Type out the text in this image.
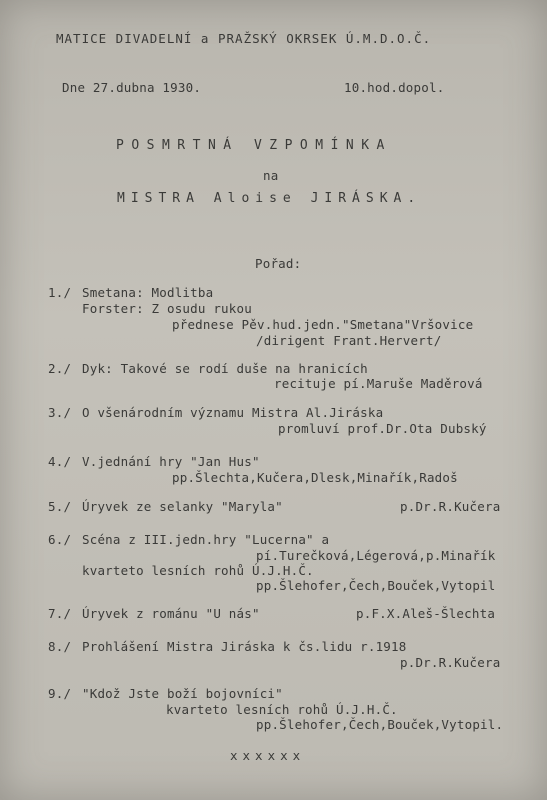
MATICE DIVADELNÍ a PRAŽSKÝ OKRSEK Ú.M.D.O.Č.

Dne 27.dubna 1930.	10.hod.dopol.

POSMRTNÁ VZPOMÍNKA

na

MISTRA Aloise JIRÁSKA.

Pořad:

1./ Smetana: Modlitba

Forster: Z osudu rukou

přednese Pěv.hud.jedn."Smetana"Vršovice

/dirigent Frant.Hervert/

2./ Dyk: Takové se rodí duše na hranicích

recituje pí.Maruše Maděrová

3./ O všenárodním významu Mistra Al.Jiráska

promluví prof.Dr.Ota Dubský

4./ V.jednání hry "Jan Hus"

pp.Šlechta,Kučera,Dlesk,Minařík,Radoš

5./ Úryvek ze selanky "Maryla"	p.Dr.R.Kučera

6./ Scéna z III.jedn.hry "Lucerna" a

pí.Turečková,Légerová,p.Minařík

kvarteto lesních rohů Ú.J.H.Č.

pp.Šlehofer,Čech,Bouček,Vytopil

7./ Úryvek z románu "U nás"	p.F.X.Aleš-Šlechta

8./ Prohlášení Mistra Jiráska k čs.lidu r.1918

p.Dr.R.Kučera

9./ "Kdož Jste boží bojovníci"

kvarteto lesních rohů Ú.J.H.Č.

pp.Šlehofer,Čech,Bouček,Vytopil.

xxxxxx
